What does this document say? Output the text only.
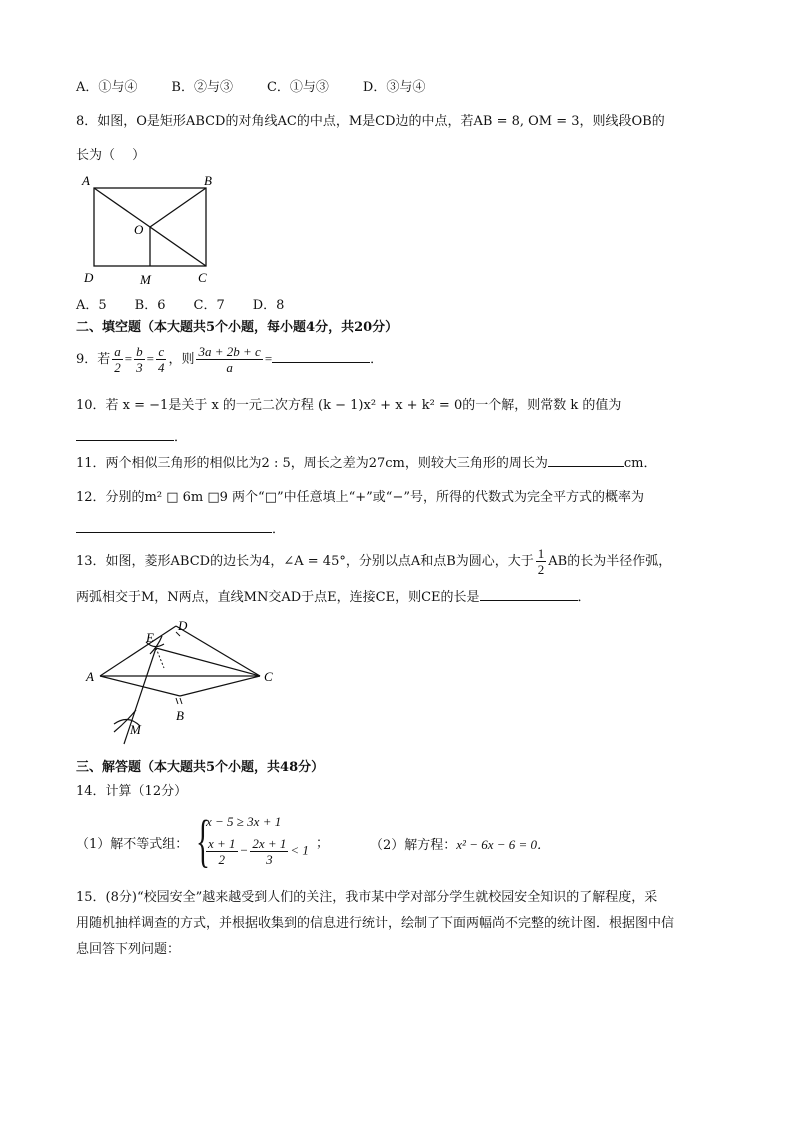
A．①与④	B．②与③	C．①与③	D．③与④
8．如图，O是矩形ABCD的对角线AC的中点，M是CD边的中点，若AB = 8, OM = 3，则线段OB的
长为（　 ）
A	B
C
D	M
O
A．5 B．6 C．7 D．8
二、填空题（本大题共5个小题，每小题4分，共20分）
9．若 $\frac{a}{2} = \frac{b}{3} = \frac{c}{4}$ ，则 $\frac{3a + 2b + c}{a}$ =	．
10．若 x = −1是关于 x 的一元二次方程 (k − 1)x² + x + k² = 0的一个解，则常数 k 的值为
．
11．两个相似三角形的相似比为2 : 5，周长之差为27cm，则较大三角形的周长为	cm．
12．分别的m² □ 6m □9 两个“□”中任意填上“+”或“−”号，所得的代数式为完全平方式的概率为
．
13．如图，菱形ABCD的边长为4，∠A = 45°，分别以点A和点B为圆心，大于 $\frac{1}{2}$ AB的长为半径作弧，
两弧相交于M，N两点，直线MN交AD于点E，连接CE，则CE的长是	．
A
B
C
D
E
M
三、解答题（本大题共5个小题，共48分）
14．计算（12分）
（1）解不等式组： {
x − 5 ≥ 3x + 1
$\frac{x + 1}{2} - \frac{2x + 1}{3} < 1$ ；	（2）解方程：x² − 6x − 6 = 0．
15．(8分)“校园安全”越来越受到人们的关注，我市某中学对部分学生就校园安全知识的了解程度，采
用随机抽样调查的方式，并根据收集到的信息进行统计，绘制了下面两幅尚不完整的统计图．根据图中信
息回答下列问题：
